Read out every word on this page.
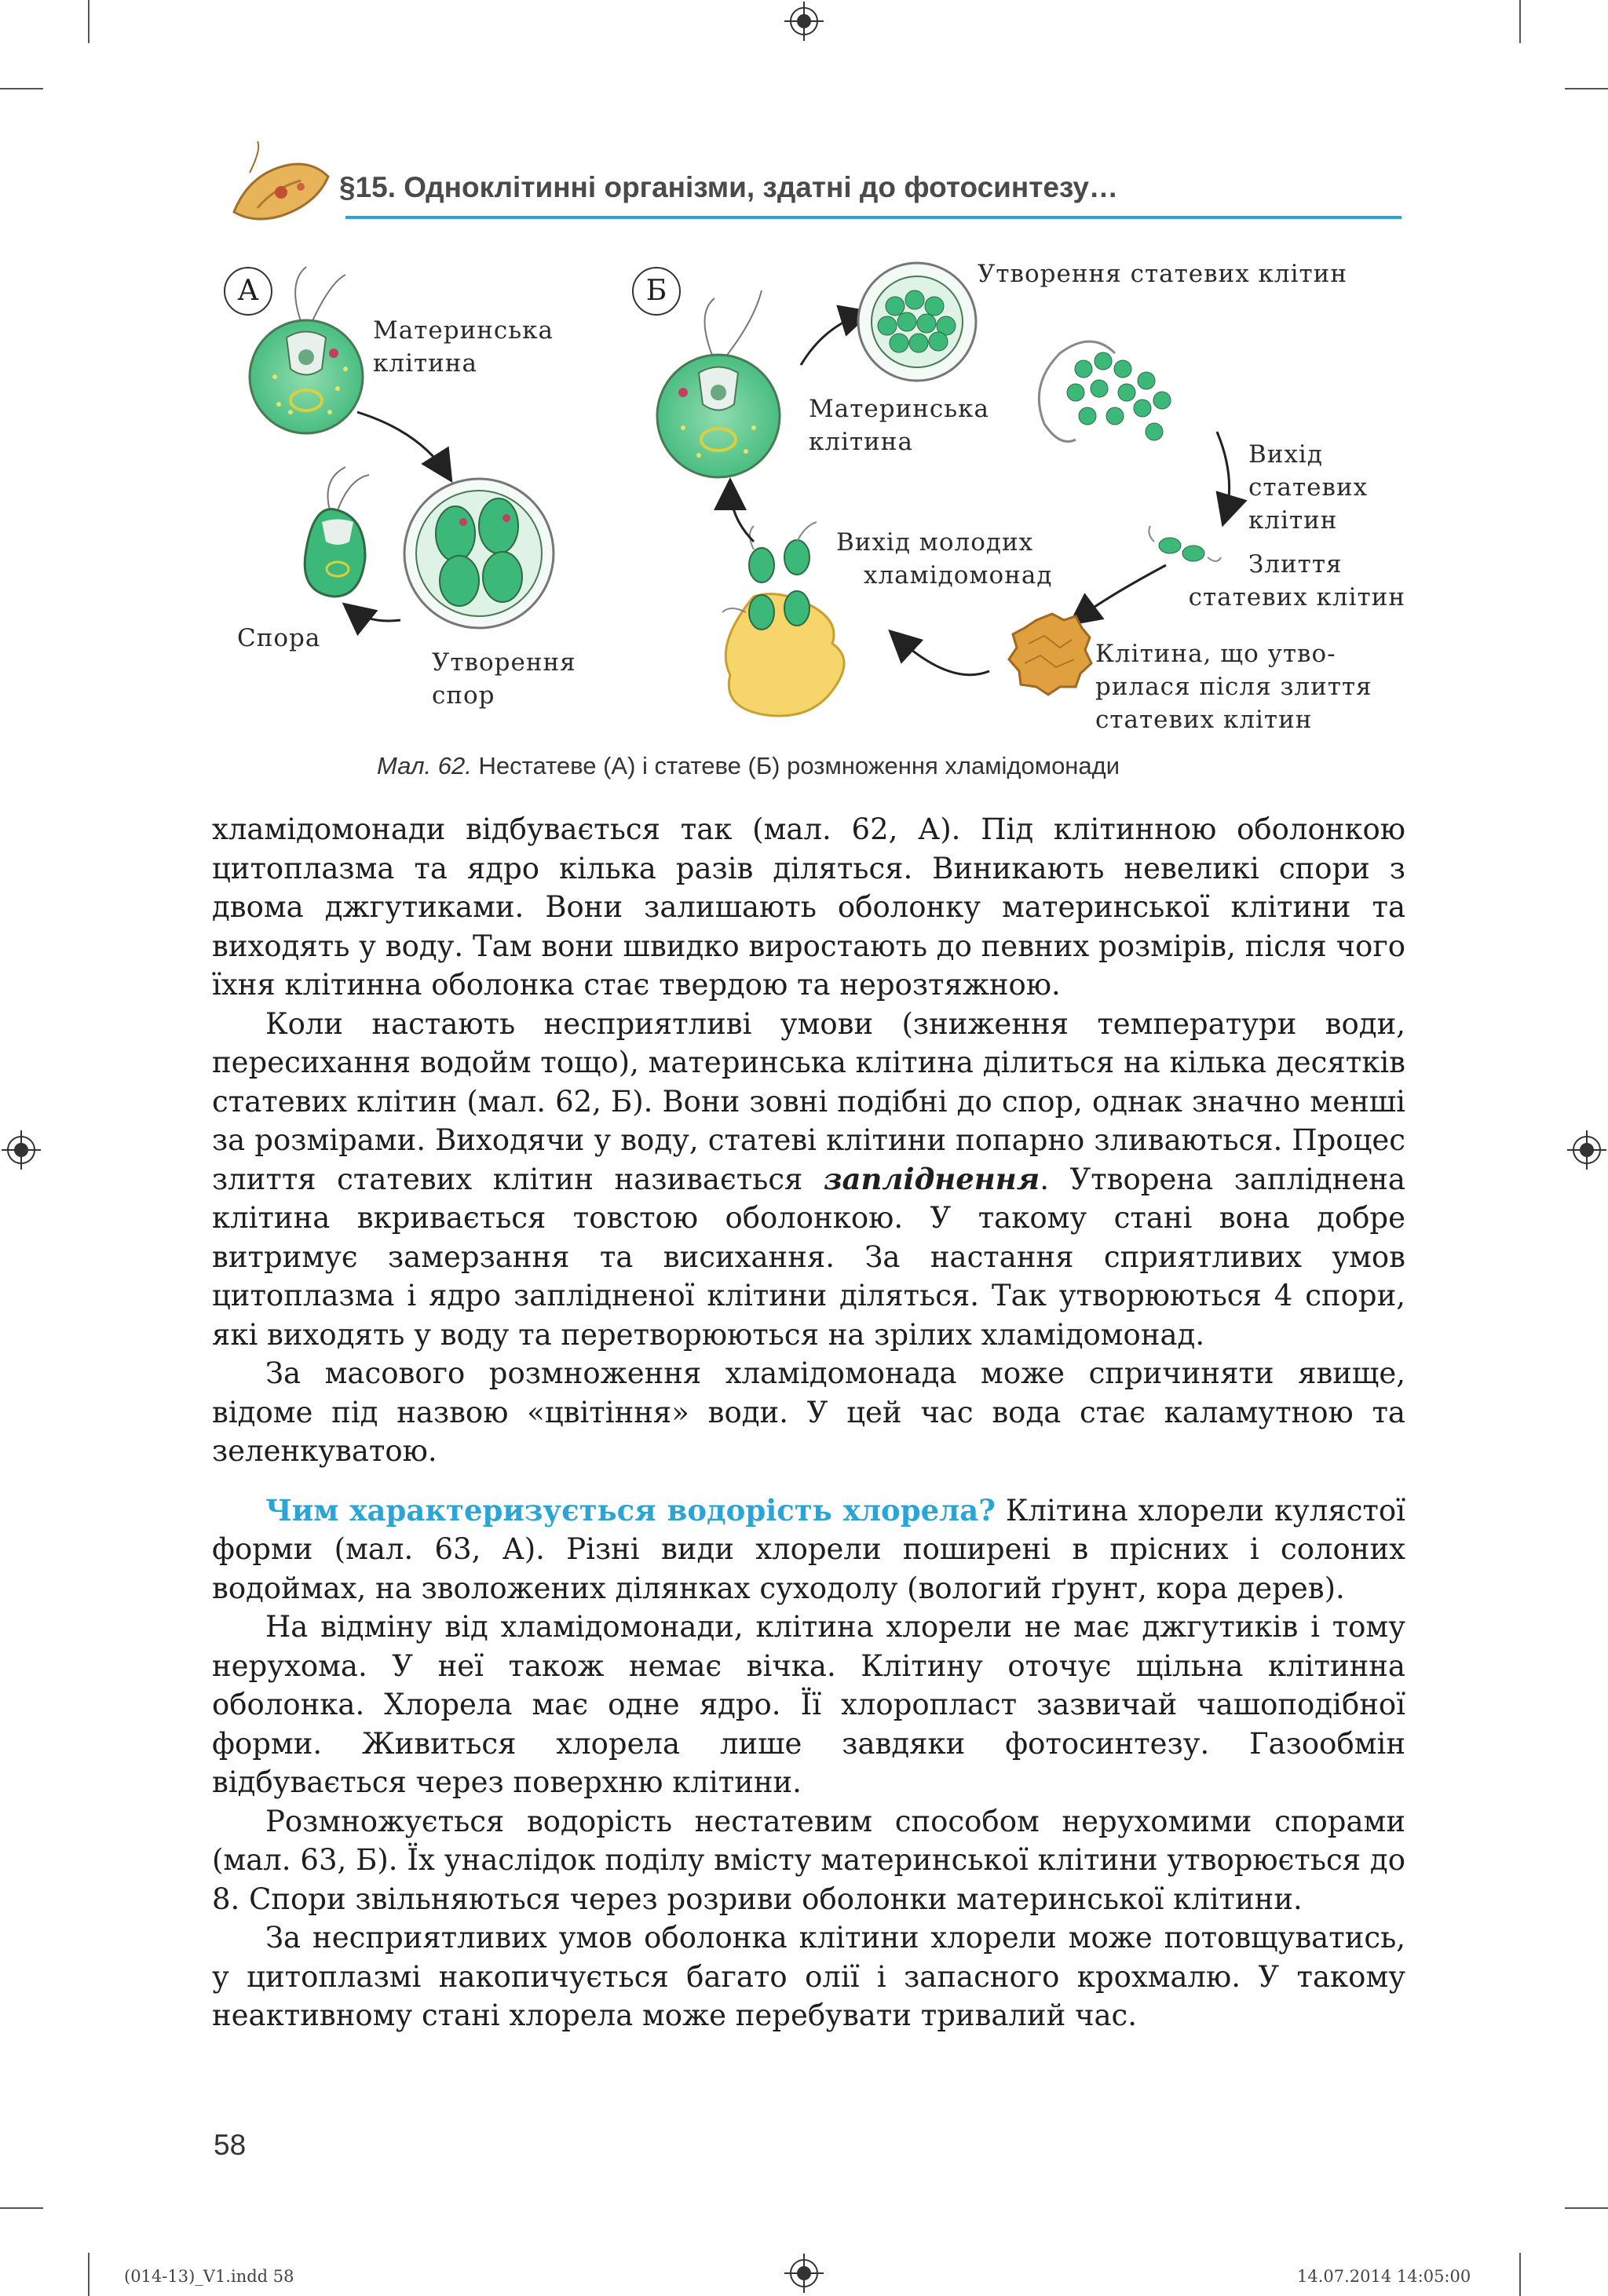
§15. Одноклітинні організми, здатні до фотосинтезу…
А
Материнська
клітина
Спора
Утворення
спор
Б
Материнська
клітина
Утворення статевих клітин
Вихід
статевих
клітин
Злиття
статевих клітин
Клітина, що утво-
рилася після злиття
статевих клітин
Вихід молодих
хламідомонад
Мал. 62. Нестатеве (А) і статеве (Б) розмноження хламідомонади

хламідомонади відбувається так (мал. 62, А). Під клітинною оболонкою цитоплазма та ядро кілька разів діляться. Виникають невеликі спори з двома джгутиками. Вони залишають оболонку материнської клітини та виходять у воду. Там вони швидко виростають до певних розмірів, після чого їхня клітинна оболонка стає твердою та нерозтяжною.

Коли настають несприятливі умови (зниження температури води, пересихання водойм тощо), материнська клітина ділиться на кілька десятків статевих клітин (мал. 62, Б). Вони зовні подібні до спор, однак значно менші за розмірами. Виходячи у воду, статеві клітини попарно зливаються. Процес злиття статевих клітин називається запліднення. Утворена запліднена клітина вкривається товстою оболонкою. У такому стані вона добре витримує замерзання та висихання. За настання сприятливих умов цитоплазма і ядро заплідненої клітини діляться. Так утворюються 4 спори, які виходять у воду та перетворюються на зрілих хламідомонад.

За масового розмноження хламідомонада може спричиняти явище, відоме під назвою «цвітіння» води. У цей час вода стає каламутною та зеленкуватою.

Чим характеризується водорість хлорела? Клітина хлорели кулястої форми (мал. 63, А). Різні види хлорели поширені в прісних і солоних водоймах, на зволожених ділянках суходолу (вологий ґрунт, кора дерев).

На відміну від хламідомонади, клітина хлорели не має джгутиків і тому нерухома. У неї також немає вічка. Клітину оточує щільна клітинна оболонка. Хлорела має одне ядро. Її хлоропласт зазвичай чашоподібної форми. Живиться хлорела лише завдяки фотосинтезу. Газообмін відбувається через поверхню клітини.

Розмножується водорість нестатевим способом нерухомими спорами (мал. 63, Б). Їх унаслідок поділу вмісту материнської клітини утворюється до 8. Спори звільняються через розриви оболонки материнської клітини.

За несприятливих умов оболонка клітини хлорели може потовщуватись, у цитоплазмі накопичується багато олії і запасного крохмалю. У такому неактивному стані хлорела може перебувати тривалий час.

58
(014-13)_V1.indd 58	14.07.2014 14:05:00
